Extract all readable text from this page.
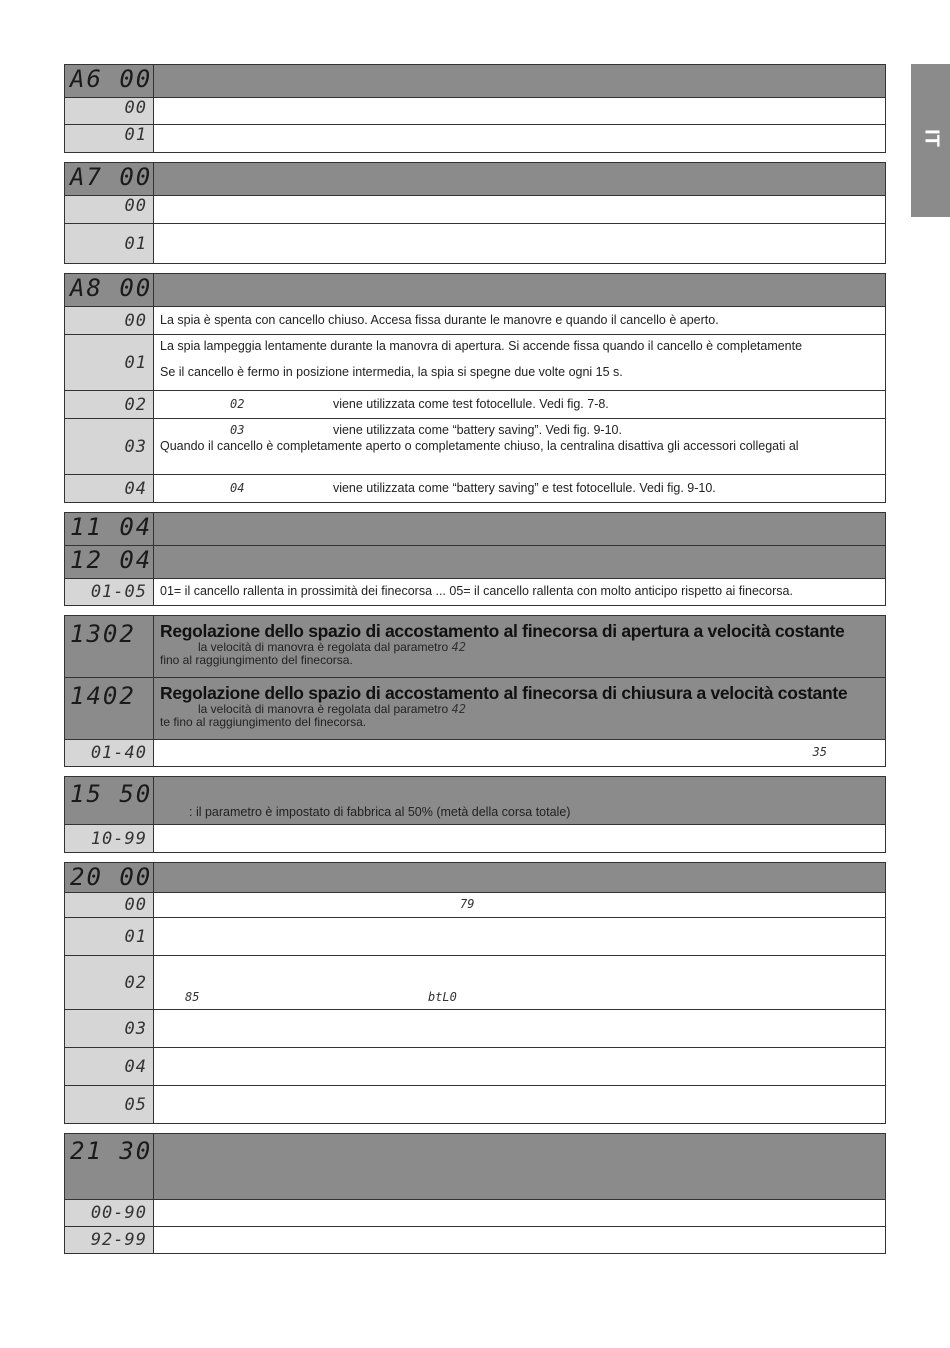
IT
A6 00	
00	
01	
A7 00	
00	
01	
A8 00	
00	La spia è spenta con cancello chiuso. Accesa fissa durante le manovre e quando il cancello è aperto.
01	La spia lampeggia lentamente durante la manovra di apertura. Si accende fissa quando il cancello è completamente
Se il cancello è fermo in posizione intermedia, la spia si spegne due volte ogni 15 s.

02	02 viene utilizzata come test fotocellule. Vedi fig. 7-8.
03	03 viene utilizzata come “battery saving”. Vedi fig. 9-10.
Quando il cancello è completamente aperto o completamente chiuso, la centralina disattiva gli accessori collegati al

04	04 viene utilizzata come “battery saving” e test fotocellule. Vedi fig. 9-10.
11 04	
12 04	
01-05	01= il cancello rallenta in prossimità dei finecorsa ... 05= il cancello rallenta con molto anticipo rispetto ai finecorsa.
1302	Regolazione dello spazio di accostamento al finecorsa di apertura a velocità costante
la velocità di manovra è regolata dal parametro 42
fino al raggiungimento del finecorsa.

1402	Regolazione dello spazio di accostamento al finecorsa di chiusura a velocità costante
la velocità di manovra è regolata dal parametro 42
te fino al raggiungimento del finecorsa.

01-40	35
15 50	: il parametro è impostato di fabbrica al 50% (metà della corsa totale)
10-99	
20 00	
00	79
01	
02	85 btL0
03	
04	
05	
21 30	
00-90	
92-99	
